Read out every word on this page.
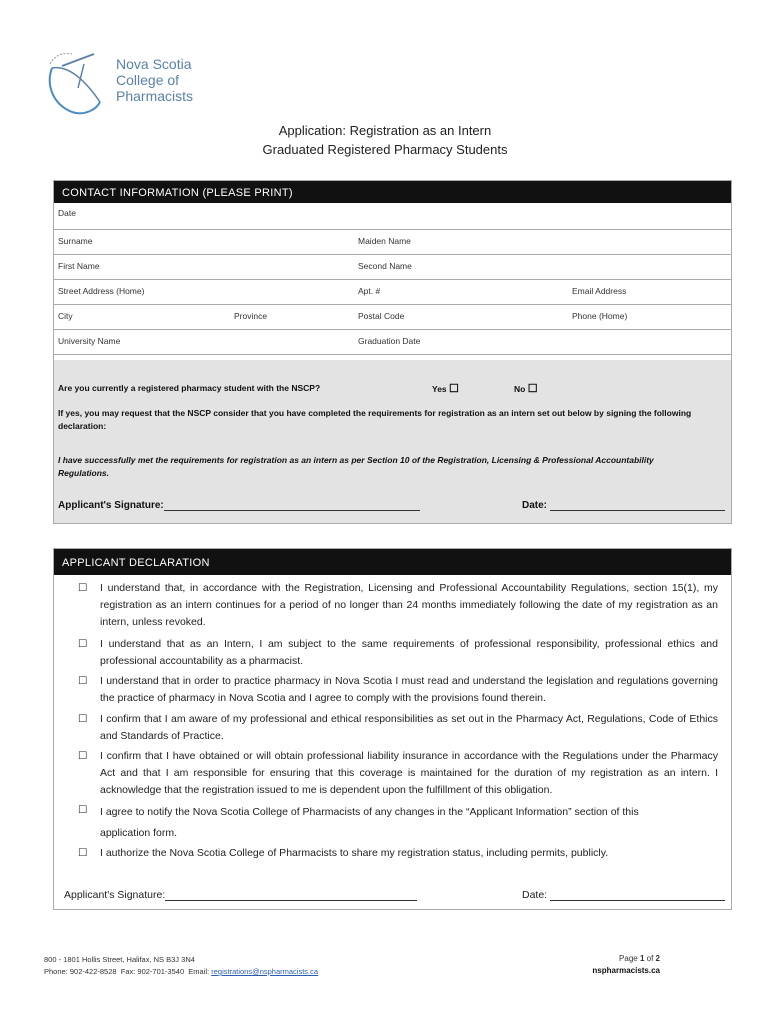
Nova Scotia
College of
Pharmacists
Application: Registration as an Intern
Graduated Registered Pharmacy Students
CONTACT INFORMATION (PLEASE PRINT)
Date
Surname	Maiden Name
First Name	Second Name
Street Address (Home)	Apt. #	Email Address
City	Province	Postal Code	Phone (Home)
University Name	Graduation Date
Are you currently a registered pharmacy student with the NSCP?	Yes ☐	No ☐
If yes, you may request that the NSCP consider that you have completed the requirements for registration as an intern set out below by signing the following declaration:
I have successfully met the requirements for registration as an intern as per Section 10 of the Registration, Licensing & Professional Accountability Regulations.
Applicant's Signature:	Date:
APPLICANT DECLARATION
☐ I understand that, in accordance with the Registration, Licensing and Professional Accountability Regulations, section 15(1), my registration as an intern continues for a period of no longer than 24 months immediately following the date of my registration as an intern, unless revoked.
☐ I understand that as an Intern, I am subject to the same requirements of professional responsibility, professional ethics and professional accountability as a pharmacist.
☐ I understand that in order to practice pharmacy in Nova Scotia I must read and understand the legislation and regulations governing the practice of pharmacy in Nova Scotia and I agree to comply with the provisions found therein.
☐ I confirm that I am aware of my professional and ethical responsibilities as set out in the Pharmacy Act, Regulations, Code of Ethics and Standards of Practice.
☐ I confirm that I have obtained or will obtain professional liability insurance in accordance with the Regulations under the Pharmacy Act and that I am responsible for ensuring that this coverage is maintained for the duration of my registration as an intern. I acknowledge that the registration issued to me is dependent upon the fulfillment of this obligation.
☐ I agree to notify the Nova Scotia College of Pharmacists of any changes in the “Applicant Information” section of this application form.
☐ I authorize the Nova Scotia College of Pharmacists to share my registration status, including permits, publicly.
Applicant's Signature:	Date:
800 - 1801 Hollis Street, Halifax, NS B3J 3N4
Phone: 902-422-8528 Fax: 902-701-3540 Email: registrations@nspharmacists.ca
Page 1 of 2
nspharmacists.ca
